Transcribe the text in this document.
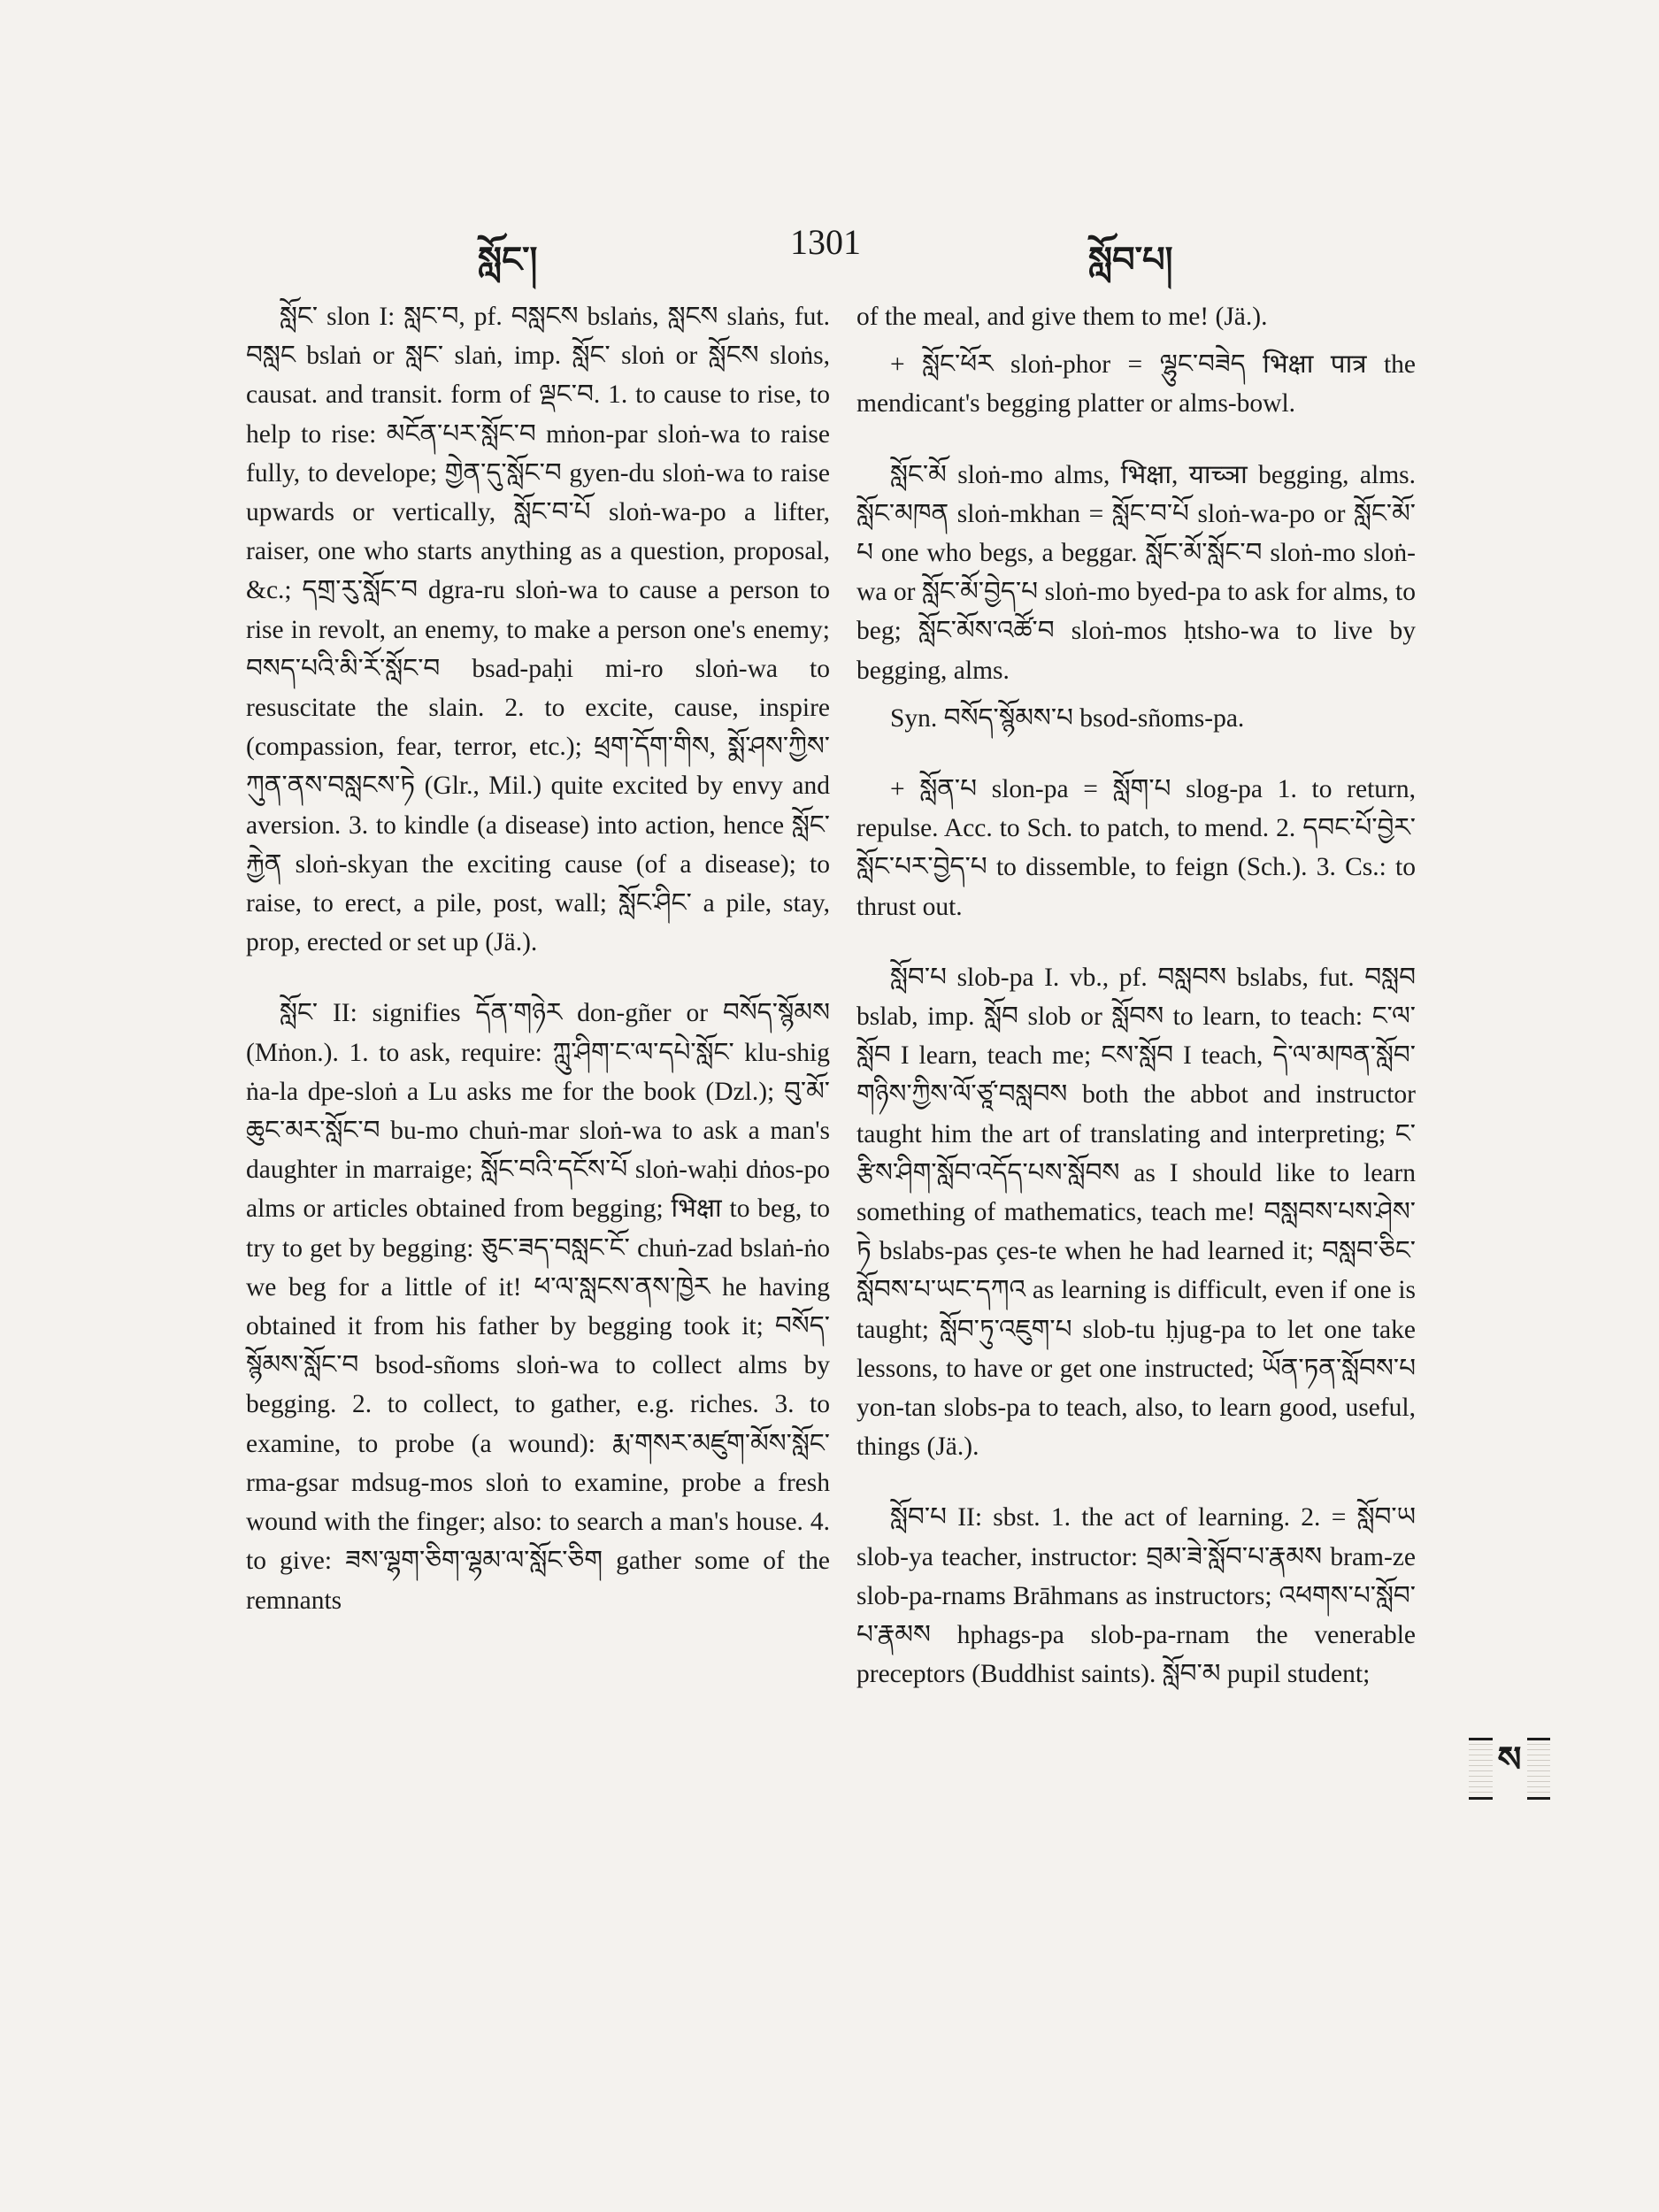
སློང་།	1301	སློབ་པ།

སློང་ slon I: སླང་བ, pf. བསླངས bslaṅs, སླངས slaṅs, fut. བསླང bslaṅ or སླང་ slaṅ, imp. སློང་ sloṅ or སློངས sloṅs, causat. and transit. form of ལྡང་བ. 1. to cause to rise, to help to rise: མངོན་པར་སློང་བ mṅon-par sloṅ-wa to raise fully, to develope; གྱེན་དུ་སློང་བ gyen-du sloṅ-wa to raise upwards or vertically, སློང་བ་པོ sloṅ-wa-po a lifter, raiser, one who starts anything as a question, proposal, &c.; དགྲ་རུ་སློང་བ dgra-ru sloṅ-wa to cause a person to rise in revolt, an enemy, to make a person one's enemy; བསད་པའི་མི་རོ་སློང་བ bsad-paḥi mi-ro sloṅ-wa to resuscitate the slain. 2. to excite, cause, inspire (compassion, fear, terror, etc.); ཕྲག་དོག་གིས, སྨོ་ཤས་ཀྱིས་ཀུན་ནས་བསླངས་ཏེ (Glr., Mil.) quite excited by envy and aversion. 3. to kindle (a disease) into action, hence སློང་རྐྱེན sloṅ-skyan the exciting cause (of a disease); to raise, to erect, a pile, post, wall; སློང་ཤིང་ a pile, stay, prop, erected or set up (Jä.).

སློང་ II: signifies དོན་གཉེར don-gñer or བསོད་སྙོམས (Mṅon.). 1. to ask, require: ཀླུ་ཤིག་ང་ལ་དཔེ་སློང་ klu-shig ṅa-la dpe-sloṅ a Lu asks me for the book (Dzl.); བུ་མོ་ཆུང་མར་སློང་བ bu-mo chuṅ-mar sloṅ-wa to ask a man's daughter in marraige; སློང་བའི་དངོས་པོ sloṅ-waḥi dṅos-po alms or articles obtained from begging; भिक्षा to beg, to try to get by begging: ཅུང་ཟད་བསླང་ངོ་ chuṅ-zad bslaṅ-ṅo we beg for a little of it! ཕ་ལ་སླངས་ནས་ཁྱེར he having obtained it from his father by begging took it; བསོད་སྙོམས་སློང་བ bsod-sñoms sloṅ-wa to collect alms by begging. 2. to collect, to gather, e.g. riches. 3. to examine, to probe (a wound): རྨ་གསར་མཛུག་མོས་སློང་ rma-gsar mdsug-mos sloṅ to examine, probe a fresh wound with the finger; also: to search a man's house. 4. to give: ཟས་ལྷག་ཅིག་ལྷམ་ལ་སློང་ཅིག gather some of the remnants

of the meal, and give them to me! (Jä.).

+ སློང་ཕོར sloṅ-phor = ལྷུང་བཟེད भिक्षा पात्र the mendicant's begging platter or alms-bowl.

སློང་མོ sloṅ-mo alms, भिक्षा, याच्ञा begging, alms. སློང་མཁན sloṅ-mkhan = སློང་བ་པོ sloṅ-wa-po or སློང་མོ་པ one who begs, a beggar. སློང་མོ་སློང་བ sloṅ-mo sloṅ-wa or སློང་མོ་བྱེད་པ sloṅ-mo byed-pa to ask for alms, to beg; སློང་མོས་འཚོ་བ sloṅ-mos ḥtsho-wa to live by begging, alms.

Syn. བསོད་སྙོམས་པ bsod-sñoms-pa.

+ སློན་པ slon-pa = སློག་པ slog-pa 1. to return, repulse. Acc. to Sch. to patch, to mend. 2. དབང་པོ་བྱེར་སློང་པར་བྱེད་པ to dissemble, to feign (Sch.). 3. Cs.: to thrust out.

སློབ་པ slob-pa I. vb., pf. བསླབས bslabs, fut. བསླབ bslab, imp. སློབ slob or སློབས to learn, to teach: ང་ལ་སློབ I learn, teach me; ངས་སློབ I teach, དེ་ལ་མཁན་སློབ་གཉིས་ཀྱིས་ལོ་ཙཱ་བསླབས both the abbot and instructor taught him the art of translating and interpreting; ང་རྩིས་ཤིག་སློབ་འདོད་པས་སློབས as I should like to learn something of mathematics, teach me! བསླབས་པས་ཤེས་ཏེ bslabs-pas çes-te when he had learned it; བསླབ་ཅིང་སློབས་པ་ཡང་དཀའ as learning is difficult, even if one is taught; སློབ་ཏུ་འཇུག་པ slob-tu ḥjug-pa to let one take lessons, to have or get one instructed; ཡོན་ཏན་སློབས་པ yon-tan slobs-pa to teach, also, to learn good, useful, things (Jä.).

སློབ་པ II: sbst. 1. the act of learning. 2. = སློབ་ཡ slob-ya teacher, instructor: བྲམ་ཟེ་སློབ་པ་རྣམས bram-ze slob-pa-rnams Brāhmans as instructors; འཕགས་པ་སློབ་པ་རྣམས hphags-pa slob-pa-rnam the venerable preceptors (Buddhist saints). སློབ་མ pupil student;

ས
